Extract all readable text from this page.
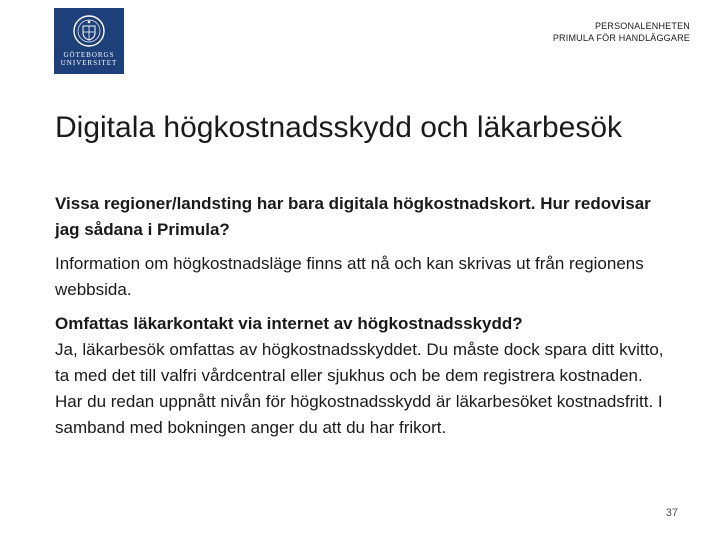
GÖTEBORGS
UNIVERSITET
PERSONALENHETEN
PRIMULA FÖR HANDLÄGGARE
Digitala högkostnadsskydd och läkarbesök

Vissa regioner/landsting har bara digitala högkostnadskort. Hur redovisar jag sådana i Primula?

Information om högkostnadsläge finns att nå och kan skrivas ut från regionens webbsida.

Omfattas läkarkontakt via internet av högkostnadsskydd?

Ja, läkarbesök omfattas av högkostnadsskyddet. Du måste dock spara ditt kvitto, ta med det till valfri vårdcentral eller sjukhus och be dem registrera kostnaden. Har du redan uppnått nivån för högkostnadsskydd är läkarbesöket kostnadsfritt. I samband med bokningen anger du att du har frikort.

37
